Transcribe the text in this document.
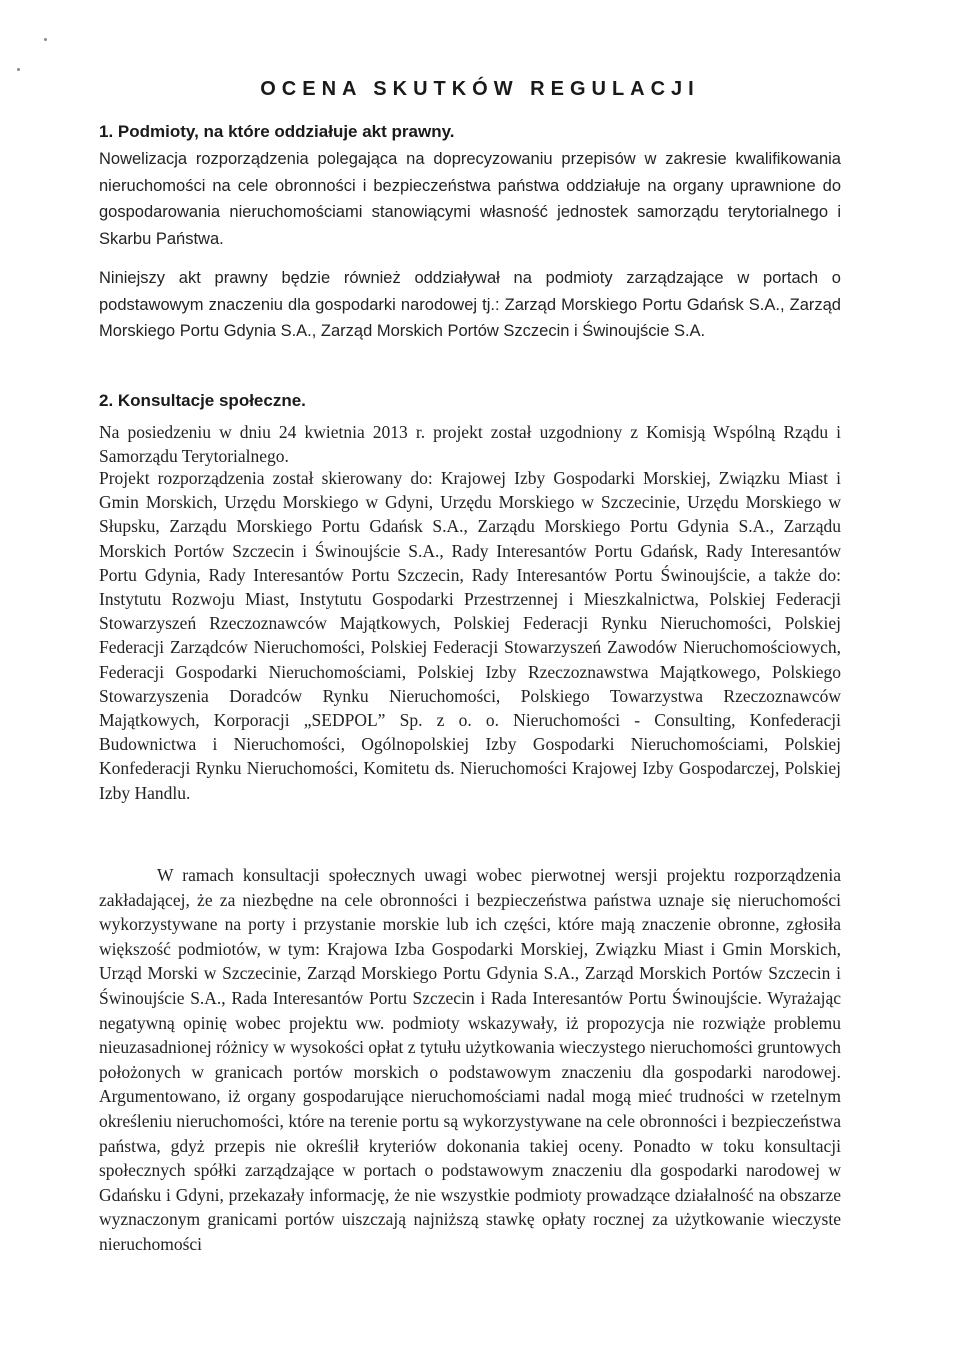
OCENA SKUTKÓW REGULACJI
1. Podmioty, na które oddziałuje akt prawny.

Nowelizacja rozporządzenia polegająca na doprecyzowaniu przepisów w zakresie kwalifikowania nieruchomości na cele obronności i bezpieczeństwa państwa oddziałuje na organy uprawnione do gospodarowania nieruchomościami stanowiącymi własność jednostek samorządu terytorialnego i Skarbu Państwa.

Niniejszy akt prawny będzie również oddziaływał na podmioty zarządzające w portach o podstawowym znaczeniu dla gospodarki narodowej tj.: Zarząd Morskiego Portu Gdańsk S.A., Zarząd Morskiego Portu Gdynia S.A., Zarząd Morskich Portów Szczecin i Świnoujście S.A.

2. Konsultacje społeczne.

Na posiedzeniu w dniu 24 kwietnia 2013 r. projekt został uzgodniony z Komisją Wspólną Rządu i Samorządu Terytorialnego.

Projekt rozporządzenia został skierowany do: Krajowej Izby Gospodarki Morskiej, Związku Miast i Gmin Morskich, Urzędu Morskiego w Gdyni, Urzędu Morskiego w Szczecinie, Urzędu Morskiego w Słupsku, Zarządu Morskiego Portu Gdańsk S.A., Zarządu Morskiego Portu Gdynia S.A., Zarządu Morskich Portów Szczecin i Świnoujście S.A., Rady Interesantów Portu Gdańsk, Rady Interesantów Portu Gdynia, Rady Interesantów Portu Szczecin, Rady Interesantów Portu Świnoujście, a także do: Instytutu Rozwoju Miast, Instytutu Gospodarki Przestrzennej i Mieszkalnictwa, Polskiej Federacji Stowarzyszeń Rzeczoznawców Majątkowych, Polskiej Federacji Rynku Nieruchomości, Polskiej Federacji Zarządców Nieruchomości, Polskiej Federacji Stowarzyszeń Zawodów Nieruchomościowych, Federacji Gospodarki Nieruchomościami, Polskiej Izby Rzeczoznawstwa Majątkowego, Polskiego Stowarzyszenia Doradców Rynku Nieruchomości, Polskiego Towarzystwa Rzeczoznawców Majątkowych, Korporacji „SEDPOL” Sp. z o. o. Nieruchomości - Consulting, Konfederacji Budownictwa i Nieruchomości, Ogólnopolskiej Izby Gospodarki Nieruchomościami, Polskiej Konfederacji Rynku Nieruchomości, Komitetu ds. Nieruchomości Krajowej Izby Gospodarczej, Polskiej Izby Handlu.

W ramach konsultacji społecznych uwagi wobec pierwotnej wersji projektu rozporządzenia zakładającej, że za niezbędne na cele obronności i bezpieczeństwa państwa uznaje się nieruchomości wykorzystywane na porty i przystanie morskie lub ich części, które mają znaczenie obronne, zgłosiła większość podmiotów, w tym: Krajowa Izba Gospodarki Morskiej, Związku Miast i Gmin Morskich, Urząd Morski w Szczecinie, Zarząd Morskiego Portu Gdynia S.A., Zarząd Morskich Portów Szczecin i Świnoujście S.A., Rada Interesantów Portu Szczecin i Rada Interesantów Portu Świnoujście. Wyrażając negatywną opinię wobec projektu ww. podmioty wskazywały, iż propozycja nie rozwiąże problemu nieuzasadnionej różnicy w wysokości opłat z tytułu użytkowania wieczystego nieruchomości gruntowych położonych w granicach portów morskich o podstawowym znaczeniu dla gospodarki narodowej. Argumentowano, iż organy gospodarujące nieruchomościami nadal mogą mieć trudności w rzetelnym określeniu nieruchomości, które na terenie portu są wykorzystywane na cele obronności i bezpieczeństwa państwa, gdyż przepis nie określił kryteriów dokonania takiej oceny. Ponadto w toku konsultacji społecznych spółki zarządzające w portach o podstawowym znaczeniu dla gospodarki narodowej w Gdańsku i Gdyni, przekazały informację, że nie wszystkie podmioty prowadzące działalność na obszarze wyznaczonym granicami portów uiszczają najniższą stawkę opłaty rocznej za użytkowanie wieczyste nieruchomości
